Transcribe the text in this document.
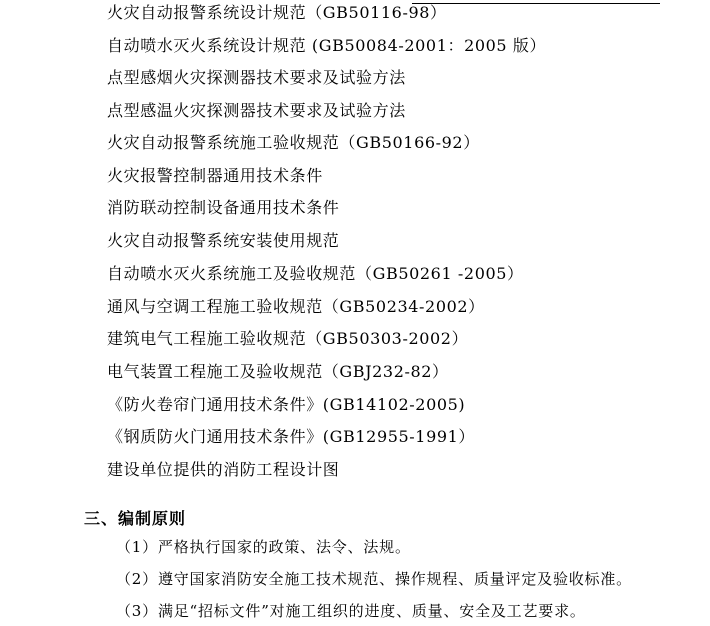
火灾自动报警系统设计规范（GB50116-98）
自动喷水灭火系统设计规范 (GB50084-2001：2005 版）
点型感烟火灾探测器技术要求及试验方法
点型感温火灾探测器技术要求及试验方法
火灾自动报警系统施工验收规范（GB50166-92）
火灾报警控制器通用技术条件
消防联动控制设备通用技术条件
火灾自动报警系统安装使用规范
自动喷水灭火系统施工及验收规范（GB50261 -2005）
通风与空调工程施工验收规范（GB50234-2002）
建筑电气工程施工验收规范（GB50303-2002）
电气装置工程施工及验收规范（GBJ232-82）
《防火卷帘门通用技术条件》(GB14102-2005)
《钢质防火门通用技术条件》(GB12955-1991）
建设单位提供的消防工程设计图
三、编制原则
（1）严格执行国家的政策、法令、法规。
（2）遵守国家消防安全施工技术规范、操作规程、质量评定及验收标准。
（3）满足“招标文件”对施工组织的进度、质量、安全及工艺要求。
